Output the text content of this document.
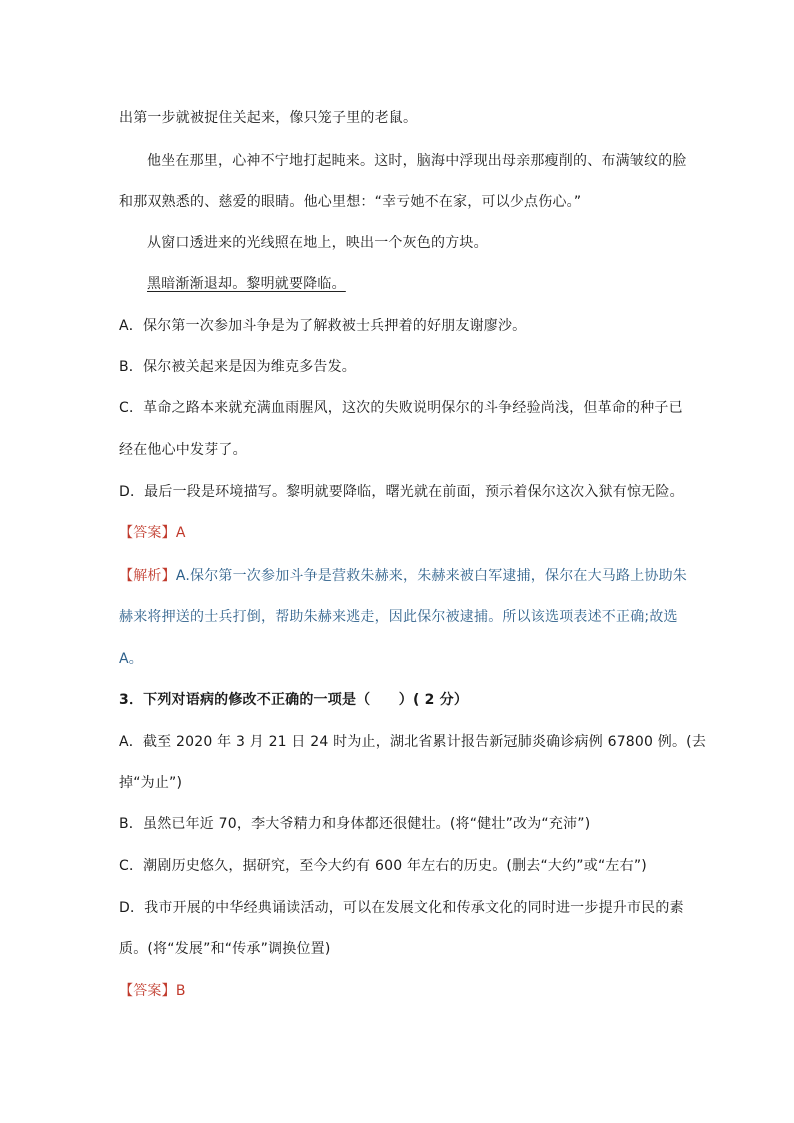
出第一步就被捉住关起来，像只笼子里的老鼠。
他坐在那里，心神不宁地打起盹来。这时，脑海中浮现出母亲那瘦削的、布满皱纹的脸
和那双熟悉的、慈爱的眼睛。他心里想：“幸亏她不在家，可以少点伤心。”
从窗口透进来的光线照在地上，映出一个灰色的方块。
黑暗渐渐退却。黎明就要降临。
A．保尔第一次参加斗争是为了解救被士兵押着的好朋友谢廖沙。
B．保尔被关起来是因为维克多告发。
C．革命之路本来就充满血雨腥风，这次的失败说明保尔的斗争经验尚浅，但革命的种子已
经在他心中发芽了。
D．最后一段是环境描写。黎明就要降临，曙光就在前面，预示着保尔这次入狱有惊无险。
【答案】A
【解析】A.保尔第一次参加斗争是营救朱赫来，朱赫来被白军逮捕，保尔在大马路上协助朱
赫来将押送的士兵打倒，帮助朱赫来逃走，因此保尔被逮捕。所以该选项表述不正确;故选
A。
3．下列对语病的修改不正确的一项是（　　）( 2 分）
A．截至 2020 年 3 月 21 日 24 时为止，湖北省累计报告新冠肺炎确诊病例 67800 例。(去
掉“为止”)
B．虽然已年近 70，李大爷精力和身体都还很健壮。(将“健壮”改为“充沛”)
C．潮剧历史悠久，据研究，至今大约有 600 年左右的历史。(删去“大约”或“左右”)
D．我市开展的中华经典诵读活动，可以在发展文化和传承文化的同时进一步提升市民的素
质。(将“发展”和“传承”调换位置)
【答案】B
